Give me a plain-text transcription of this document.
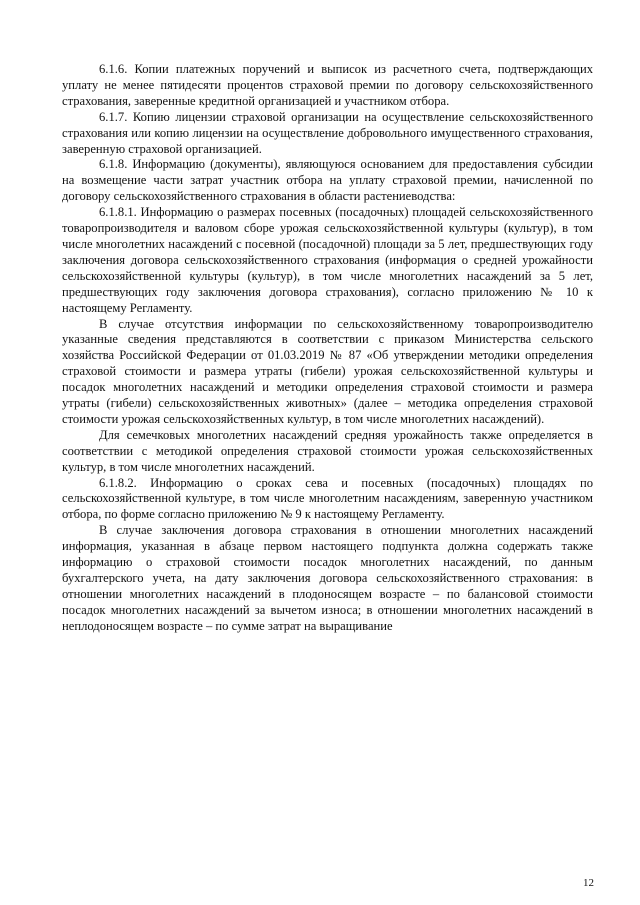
6.1.6. Копии платежных поручений и выписок из расчетного счета, подтверждающих уплату не менее пятидесяти процентов страховой премии по договору сельскохозяйственного страхования, заверенные кредитной организацией и участником отбора.

6.1.7. Копию лицензии страховой организации на осуществление сельскохозяйственного страхования или копию лицензии на осуществление добровольного имущественного страхования, заверенную страховой организацией.

6.1.8. Информацию (документы), являющуюся основанием для предоставления субсидии на возмещение части затрат участник отбора на уплату страховой премии, начисленной по договору сельскохозяйственного страхования в области растениеводства:

6.1.8.1. Информацию о размерах посевных (посадочных) площадей сельскохозяйственного товаропроизводителя и валовом сборе урожая сельскохозяйственной культуры (культур), в том числе многолетних насаждений с посевной (посадочной) площади за 5 лет, предшествующих году заключения договора сельскохозяйственного страхования (информация о средней урожайности сельскохозяйственной культуры (культур), в том числе многолетних насаждений за 5 лет, предшествующих году заключения договора страхования), согласно приложению № 10 к настоящему Регламенту.

В случае отсутствия информации по сельскохозяйственному товаропроизводителю указанные сведения представляются в соответствии с приказом Министерства сельского хозяйства Российской Федерации от 01.03.2019 № 87 «Об утверждении методики определения страховой стоимости и размера утраты (гибели) урожая сельскохозяйственной культуры и посадок многолетних насаждений и методики определения страховой стоимости и размера утраты (гибели) сельскохозяйственных животных» (далее – методика определения страховой стоимости урожая сельскохозяйственных культур, в том числе многолетних насаждений).

Для семечковых многолетних насаждений средняя урожайность также определяется в соответствии с методикой определения страховой стоимости урожая сельскохозяйственных культур, в том числе многолетних насаждений.

6.1.8.2. Информацию о сроках сева и посевных (посадочных) площадях по сельскохозяйственной культуре, в том числе многолетним насаждениям, заверенную участником отбора, по форме согласно приложению № 9 к настоящему Регламенту.

В случае заключения договора страхования в отношении многолетних насаждений информация, указанная в абзаце первом настоящего подпункта должна содержать также информацию о страховой стоимости посадок многолетних насаждений, по данным бухгалтерского учета, на дату заключения договора сельскохозяйственного страхования: в отношении многолетних насаждений в плодоносящем возрасте – по балансовой стоимости посадок многолетних насаждений за вычетом износа; в отношении многолетних насаждений в неплодоносящем возрасте – по сумме затрат на выращивание

12
